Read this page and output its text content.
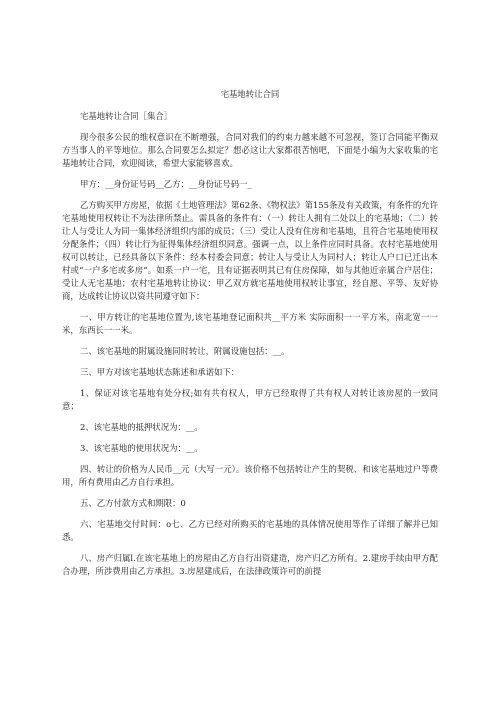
宅基地转让合同
宅基地转让合同［集合］

现今很多公民的维权意识在不断增强，合同对我们的约束力越来越不可忽视，签订合同能平衡双方当事人的平等地位。那么合同要怎么拟定？想必这让大家都很苦恼吧，下面是小编为大家收集的宅基地转让合同，欢迎阅读，希望大家能够喜欢。

甲方：__身份证号码__乙方：__身份证号码一_

乙方购买甲方房屋，依据《土地管理法》第62条、《物权法》第155条及有关政策，有条件的允许宅基地使用权转让不为法律所禁止。需具备的条件有：（一）转让人拥有二处以上的宅基地；（二）转让人与受让人为同一集体经济组织内部的成员；（三）受让人没有住房和宅基地，且符合宅基地使用权分配条件；（四）转让行为征得集体经济组织同意。强调一点，以上条件应同时具备。农村宅基地使用权可以转让，已经具备以下条件：经本村委会同意；转让人与受让人为同村人；转让人户口已迁出本村或“一户多宅或多房”。如系一户一宅，且有证据表明其已有住房保障，如与其他近亲属合户居住；受让人无宅基地；农村宅基地转让协议：甲乙双方就宅基地使用权转让事宜，经自愿、平等、友好协商，达成转让协议以资共同遵守如下：

一、甲方转让的宅基地位置为,该宅基地登记面积共__平方米 实际面积一一平方米，南北宽一一米，东西长一一米。

二、该宅基地的附属设施同时转让，附属设施包括：__。

三、甲方对该宅基地状态陈述和承诺如下：

1、保证对该宅基地有处分权;如有共有权人，甲方已经取得了共有权人对转让该房屋的一致同意；

2、该宅基地的抵押状况为：__。

3、该宅基地的使用状况为：__。

四、转让的价格为人民币__元（大写一元）。该价格不包括转让产生的契税、和该宅基地过户等费用，所有费用由乙方自行承担。

五、乙方付款方式和期限：0

六、宅基地交付时间：o七、乙方已经对所购买的宅基地的具体情况使用等作了详细了解并已知悉。

八、房产归属l.在该宅基地上的房屋由乙方自行出资建造，房产归乙方所有。2.建房手续由甲方配合办理，所涉费用由乙方承担。3.房屋建成后，在法律政策许可的前提
